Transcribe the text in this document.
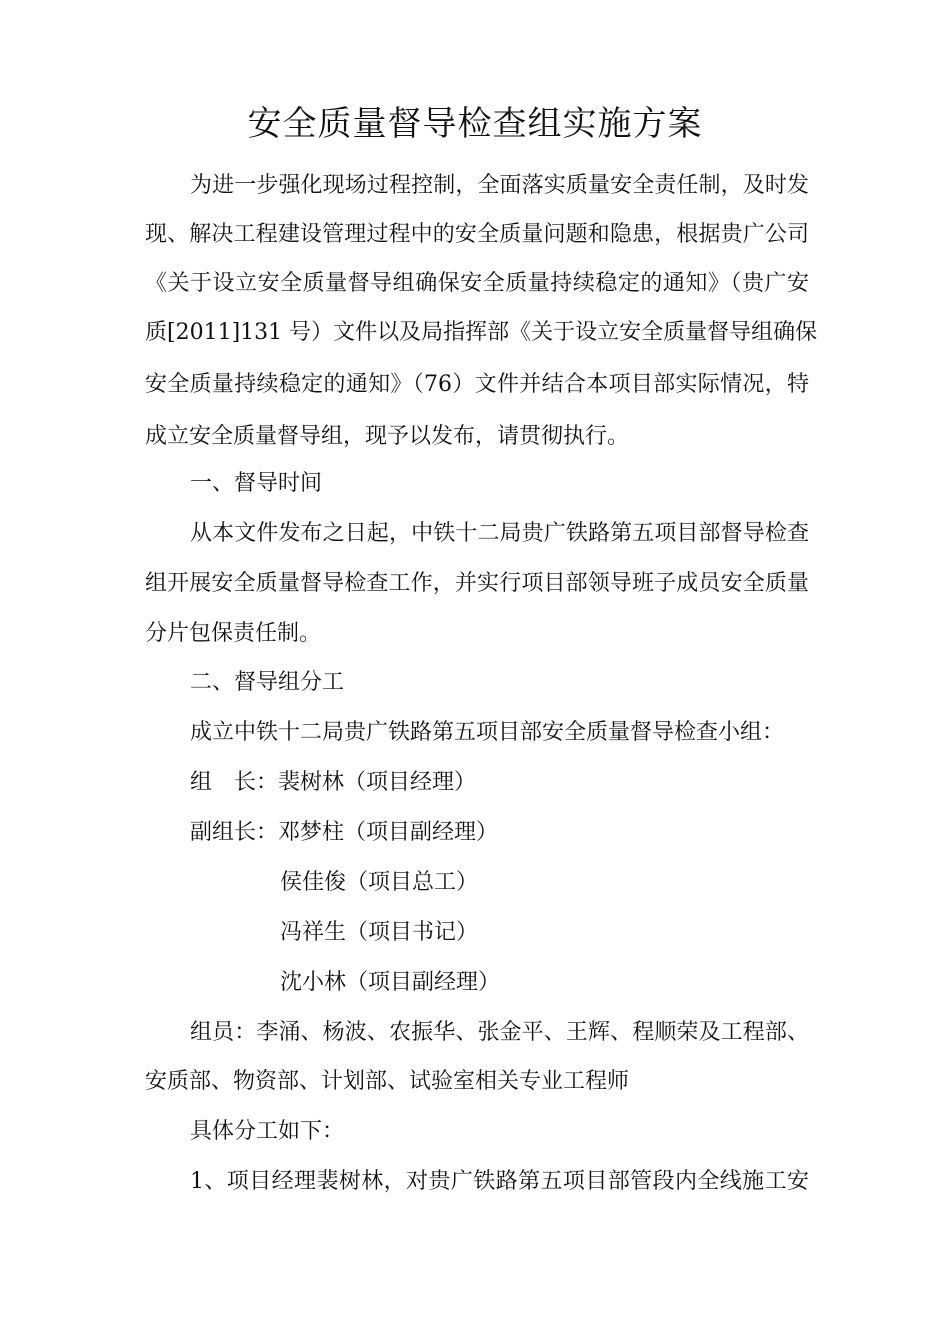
安全质量督导检查组实施方案
为进一步强化现场过程控制，全面落实质量安全责任制，及时发
现、解决工程建设管理过程中的安全质量问题和隐患，根据贵广公司
《关于设立安全质量督导组确保安全质量持续稳定的通知》（贵广安
质[2011]131 号）文件以及局指挥部《关于设立安全质量督导组确保
安全质量持续稳定的通知》（76）文件并结合本项目部实际情况，特
成立安全质量督导组，现予以发布，请贯彻执行。
一、督导时间
从本文件发布之日起，中铁十二局贵广铁路第五项目部督导检查
组开展安全质量督导检查工作，并实行项目部领导班子成员安全质量
分片包保责任制。
二、督导组分工
成立中铁十二局贵广铁路第五项目部安全质量督导检查小组：
组　长：裴树林（项目经理）
副组长：邓梦柱（项目副经理）
侯佳俊（项目总工）
冯祥生（项目书记）
沈小林（项目副经理）
组员：李涌、杨波、农振华、张金平、王辉、程顺荣及工程部、
安质部、物资部、计划部、试验室相关专业工程师
具体分工如下：
1、项目经理裴树林，对贵广铁路第五项目部管段内全线施工安
